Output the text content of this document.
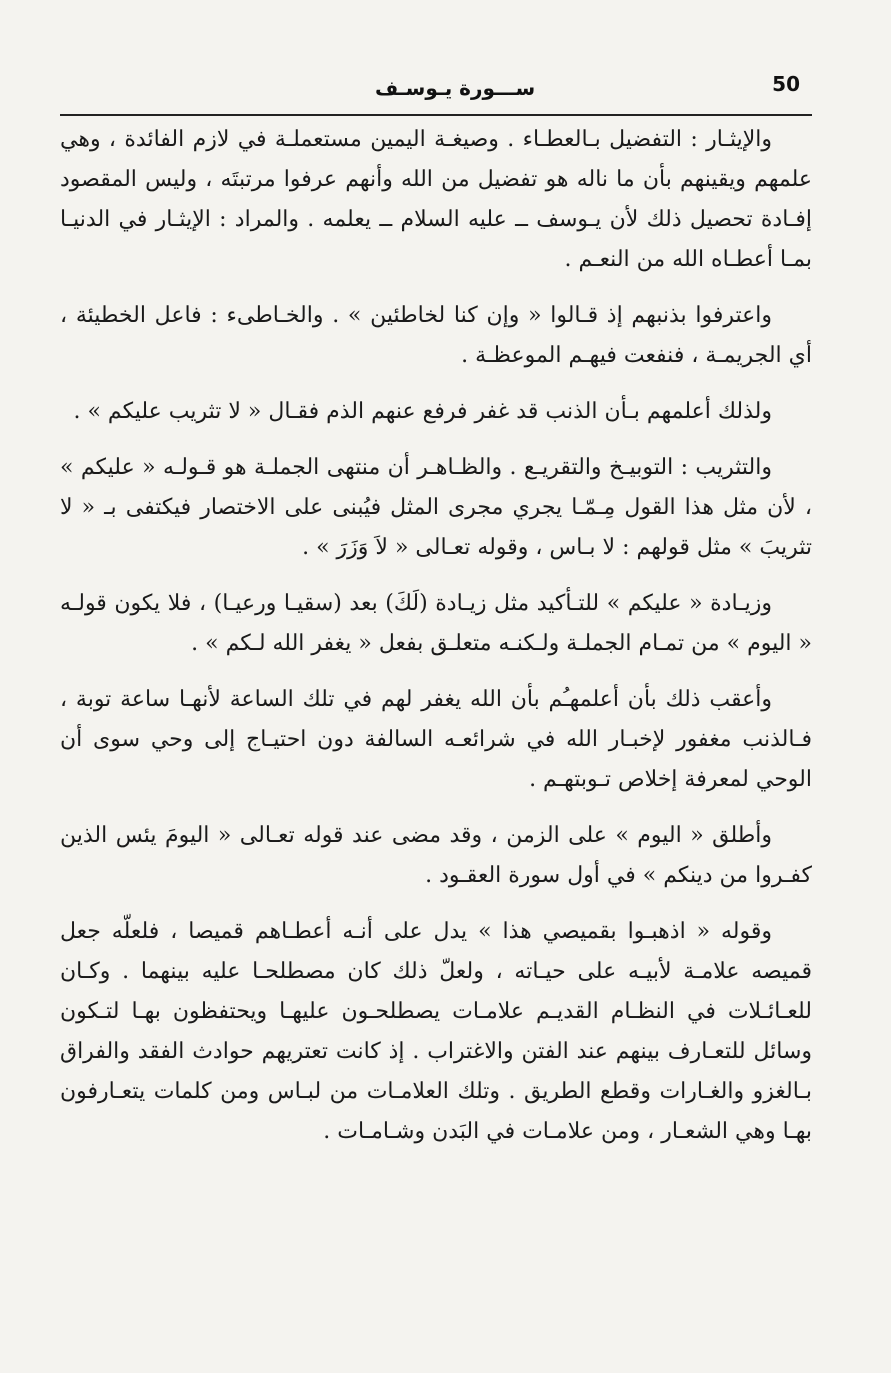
50
ســـورة يـوسـف

والإيثـار : التفضيل بـالعطـاء . وصيغـة اليمين مستعملـة في لازم الفائدة ، وهي علمهم ويقينهم بأن ما ناله هو تفضيل من الله وأنهم عرفوا مرتبتَه ، وليس المقصود إفـادة تحصيل ذلك لأن يـوسف ــ عليه السلام ــ يعلمه . والمراد : الإيثـار في الدنيـا بمـا أعطـاه الله من النعـم .

واعترفوا بذنبهم إذ قـالوا « وإن كنا لخاطئين » . والخـاطىء : فاعل الخطيئة ، أي الجريمـة ، فنفعت فيهـم الموعظـة .

ولذلك أعلمهم بـأن الذنب قد غفر فرفع عنهم الذم فقـال « لا تثريب عليكم » .

والتثريب : التوبيـخ والتقريـع . والظـاهـر أن منتهى الجملـة هو قـولـه « عليكم » ، لأن مثل هذا القول مِـمّـا يجري مجرى المثل فيُبنى على الاختصار فيكتفى بـ « لا تثريبَ » مثل قولهم : لا بـاس ، وقوله تعـالى « لاَ وَزَرَ » .

وزيـادة « عليكم » للتـأكيد مثل زيـادة (لَكَ) بعد (سقيـا ورعيـا) ، فلا يكون قولـه « اليوم » من تمـام الجملـة ولـكنـه متعلـق بفعل « يغفر الله لـكم » .

وأعقب ذلك بأن أعلمهـُم بأن الله يغفر لهم في تلك الساعة لأنهـا ساعة توبة ، فـالذنب مغفور لإخبـار الله في شرائعـه السالفة دون احتيـاج إلى وحي سوى أن الوحي لمعرفة إخلاص تـوبتهـم .

وأطلق « اليوم » على الزمن ، وقد مضى عند قوله تعـالى « اليومَ يئس الذين كفـروا من دينكم » في أول سورة العقـود .

وقوله « اذهبـوا بقميصي هذا » يدل على أنـه أعطـاهم قميصا ، فلعلّه جعل قميصه علامـة لأبيـه على حيـاته ، ولعلّ ذلك كان مصطلحـا عليه بينهما . وكـان للعـائـلات في النظـام القديـم علامـات يصطلحـون عليهـا ويحتفظون بهـا لتـكون وسائل للتعـارف بينهم عند الفتن والاغتراب . إذ كانت تعتريهم حوادث الفقد والفراق بـالغزو والغـارات وقطع الطريق . وتلك العلامـات من لبـاس ومن كلمات يتعـارفون بهـا وهي الشعـار ، ومن علامـات في البَدن وشـامـات .
